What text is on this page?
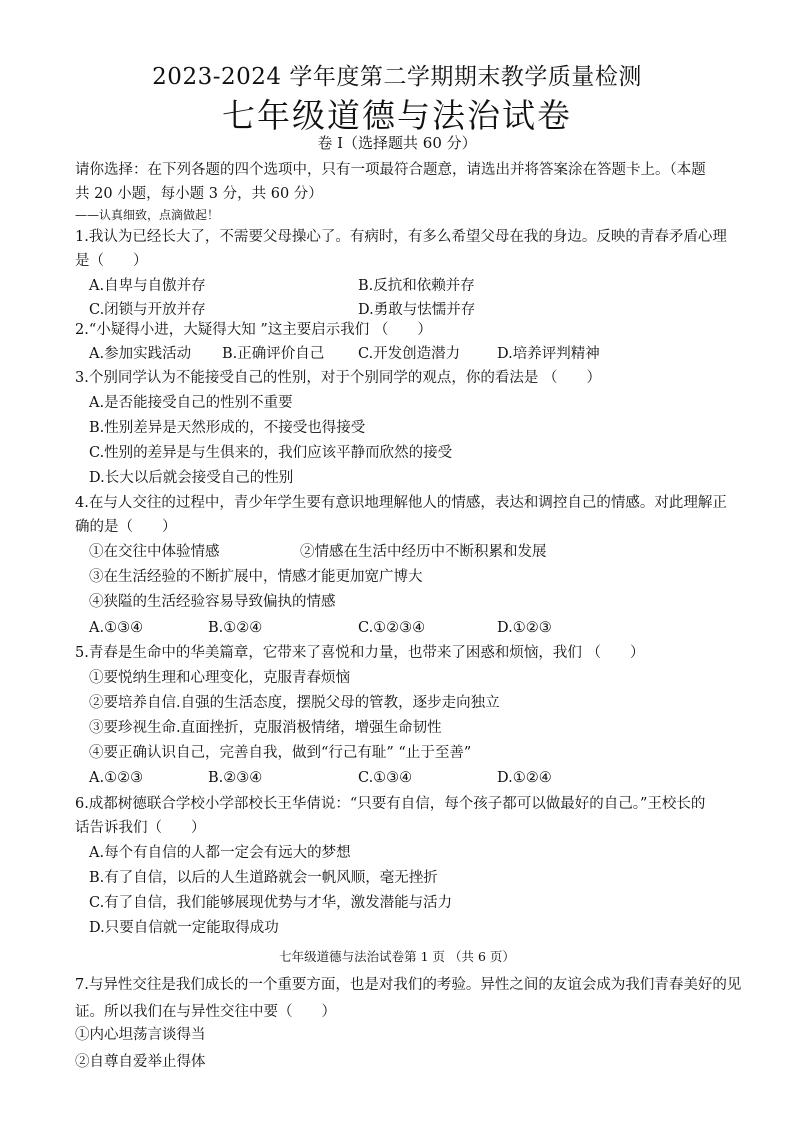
2023-2024 学年度第二学期期末教学质量检测
七年级道德与法治试卷
卷 I（选择题共 60 分）
请你选择：在下列各题的四个选项中，只有一项最符合题意，请选出并将答案涂在答题卡上。（本题
共 20 小题，每小题 3 分，共 60 分）
——认真细致，点滴做起！
1.我认为已经长大了，不需要父母操心了。有病时，有多么希望父母在我的身边。反映的青春矛盾心理
是（　　）
A.自卑与自傲并存	B.反抗和依赖并存
C.闭锁与开放并存	D.勇敢与怯懦并存
2.“小疑得小进，大疑得大知 ”这主要启示我们 （　　）
A.参加实践活动 B.正确评价自己 C.开发创造潜力	D.培养评判精神
3.个别同学认为不能接受自己的性别，对于个别同学的观点，你的看法是 （　　）
A.是否能接受自己的性别不重要
B.性别差异是天然形成的，不接受也得接受
C.性别的差异是与生俱来的，我们应该平静而欣然的接受
D.长大以后就会接受自己的性别
4.在与人交往的过程中，青少年学生要有意识地理解他人的情感，表达和调控自己的情感。对此理解正
确的是（　　）
①在交往中体验情感	②情感在生活中经历中不断积累和发展
③在生活经验的不断扩展中，情感才能更加宽广博大
④狭隘的生活经验容易导致偏执的情感
A.①③④	B.①②④	C.①②③④	D.①②③
5.青春是生命中的华美篇章，它带来了喜悦和力量，也带来了困惑和烦恼，我们 （　　）
①要悦纳生理和心理变化，克服青春烦恼
②要培养自信.自强的生活态度，摆脱父母的管教，逐步走向独立
③要珍视生命.直面挫折，克服消极情绪，增强生命韧性
④要正确认识自己，完善自我，做到“行己有耻” “止于至善”
A.①②③	B.②③④	C.①③④	D.①②④
6.成都树德联合学校小学部校长王华倩说：“只要有自信，每个孩子都可以做最好的自己。”王校长的
话告诉我们（　　）
A.每个有自信的人都一定会有远大的梦想
B.有了自信，以后的人生道路就会一帆风顺，毫无挫折
C.有了自信，我们能够展现优势与才华，激发潜能与活力
D.只要自信就一定能取得成功
七年级道德与法治试卷第 1 页 （共 6 页）
7.与异性交往是我们成长的一个重要方面，也是对我们的考验。异性之间的友谊会成为我们青春美好的见
证。所以我们在与异性交往中要（　　）
①内心坦荡言谈得当
②自尊自爱举止得体
